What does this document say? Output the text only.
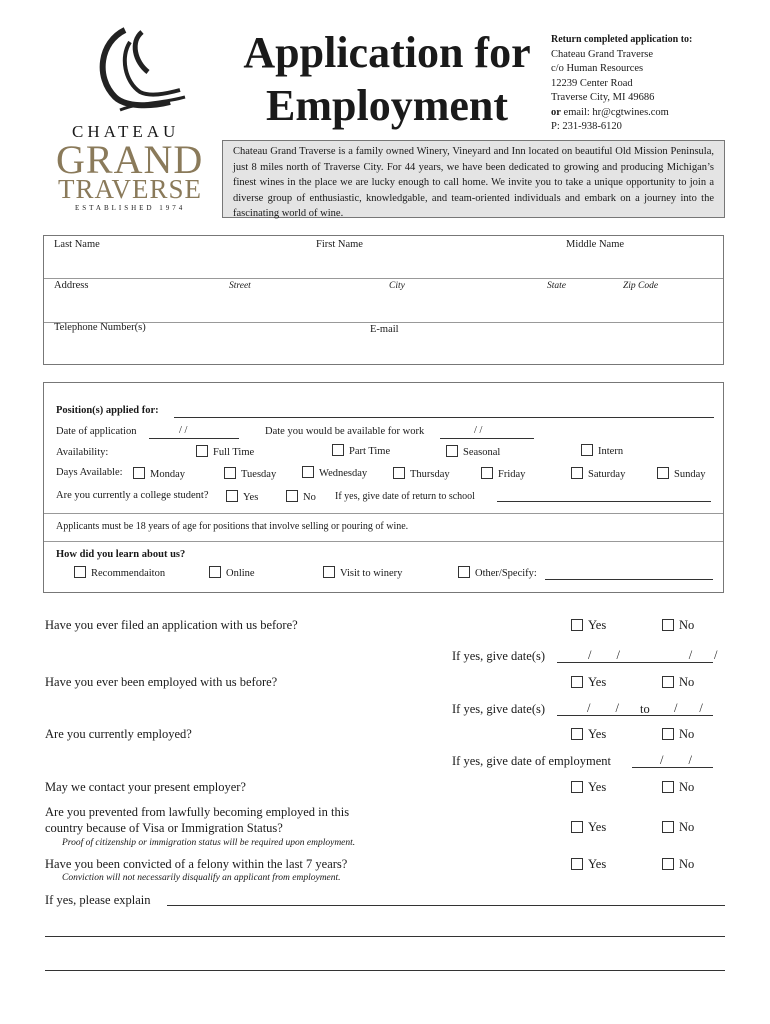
CHATEAU
GRAND
TRAVERSE
ESTABLISHED 1974
Application for
Employment
Return completed application to:
Chateau Grand Traverse
c/o Human Resources
12239 Center Road
Traverse City, MI 49686
or email: hr@cgtwines.com
P: 231-938-6120
Chateau Grand Traverse is a family owned Winery, Vineyard and Inn located on beautiful Old Mission Peninsula, just 8 miles north of Traverse City. For 44 years, we have been dedicated to growing and producing Michigan’s finest wines in the place we are lucky enough to call home. We invite you to take a unique opportunity to join a diverse group of enthusiastic, knowledgable, and team-oriented individuals and embark on a journey into the fascinating world of wine.
Last Name	First Name	Middle Name
Address	Street	City	State	Zip Code
Telephone Number(s)	E-mail
Position(s) applied for:
Date of application	/ /	Date you would be available for work	/ /
Availability:	Full Time	Part Time	Seasonal	Intern
Days Available:	Monday	Tuesday	Wednesday	Thursday	Friday	Saturday	Sunday
Are you currently a college student?	Yes	No If yes, give date of return to school
Applicants must be 18 years of age for positions that involve selling or pouring of wine.
How did you learn about us?
Recommendaiton	Online	Visit to winery	Other/Specify:
Have you ever filed an application with us before?	Yes	No
If yes, give date(s)	/        /                      /       /
Have you ever been employed with us before?	Yes	No
If yes, give date(s)	/        / to /       /
Are you currently employed?	Yes	No
If yes, give date of employment	/        /
May we contact your present employer?	Yes	No
Are you prevented from lawfully becoming employed in this
country because of Visa or Immigration Status?	Yes	No
Proof of citizenship or immigration status will be required upon employment.
Have you been convicted of a felony within the last 7 years?	Yes	No
Conviction will not necessarily disqualify an applicant from employment.
If yes, please explain
